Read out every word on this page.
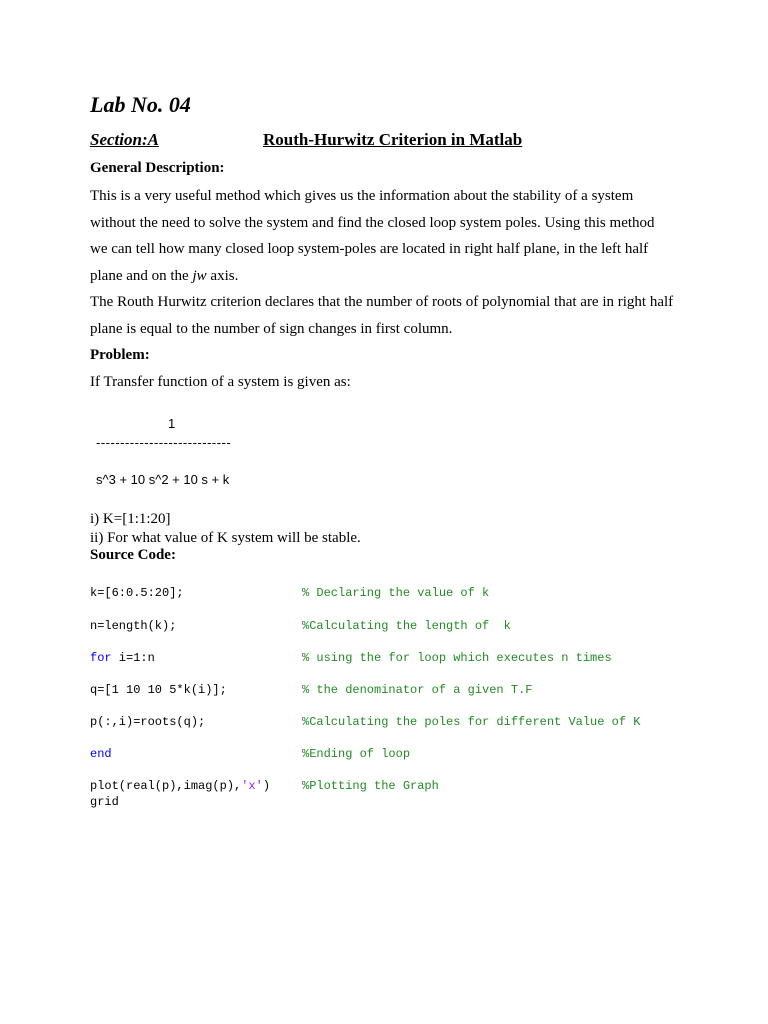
Lab No. 04
Section:A	Routh-Hurwitz Criterion in Matlab
General Description:
This is a very useful method which gives us the information about the stability of a system
without the need to solve the system and find the closed loop system poles. Using this method
we can tell how many closed loop system-poles are located in right half plane, in the left half
plane and on the jw axis.
The Routh Hurwitz criterion declares that the number of roots of polynomial that are in right half
plane is equal to the number of sign changes in first column.
Problem:
If Transfer function of a system is given as:
1
----------------------------
s^3 + 10 s^2 + 10 s + k
i) K=[1:1:20]
ii) For what value of K system will be stable.
Source Code:
k=[6:0.5:20];	% Declaring the value of k
n=length(k);	%Calculating the length of  k
for i=1:n	% using the for loop which executes n times
q=[1 10 10 5*k(i)];	% the denominator of a given T.F
p(:,i)=roots(q);	%Calculating the poles for different Value of K
end	%Ending of loop
plot(real(p),imag(p),'x')	%Plotting the Graph
grid
